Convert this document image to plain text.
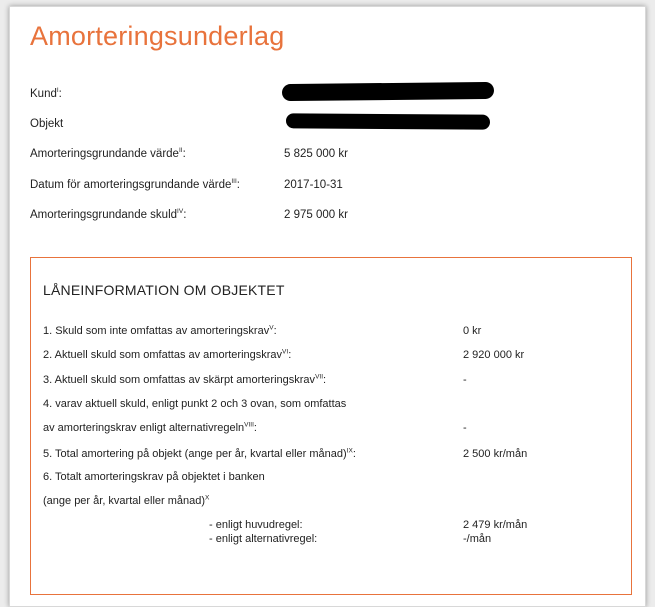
Amorteringsunderlag
Kund$^I$:
Objekt
Amorteringsgrundande värde$^{II}$:	5 825 000 kr
Datum för amorteringsgrundande värde$^{III}$:	2017-10-31
Amorteringsgrundande skuld$^{IV}$:	2 975 000 kr
LÅNEINFORMATION OM OBJEKTET
1. Skuld som inte omfattas av amorteringskrav$^V$:	0 kr
2. Aktuell skuld som omfattas av amorteringskrav$^{VI}$:	2 920 000 kr
3. Aktuell skuld som omfattas av skärpt amorteringskrav$^{VII}$:	-
4. varav aktuell skuld, enligt punkt 2 och 3 ovan, som omfattas
av amorteringskrav enligt alternativregeln$^{VIII}$:	-
5. Total amortering på objekt (ange per år, kvartal eller månad)$^{IX}$:	2 500 kr/mån
6. Totalt amorteringskrav på objektet i banken
(ange per år, kvartal eller månad)$^X$
- enligt huvudregel:	2 479 kr/mån
- enligt alternativregel:	-/mån
